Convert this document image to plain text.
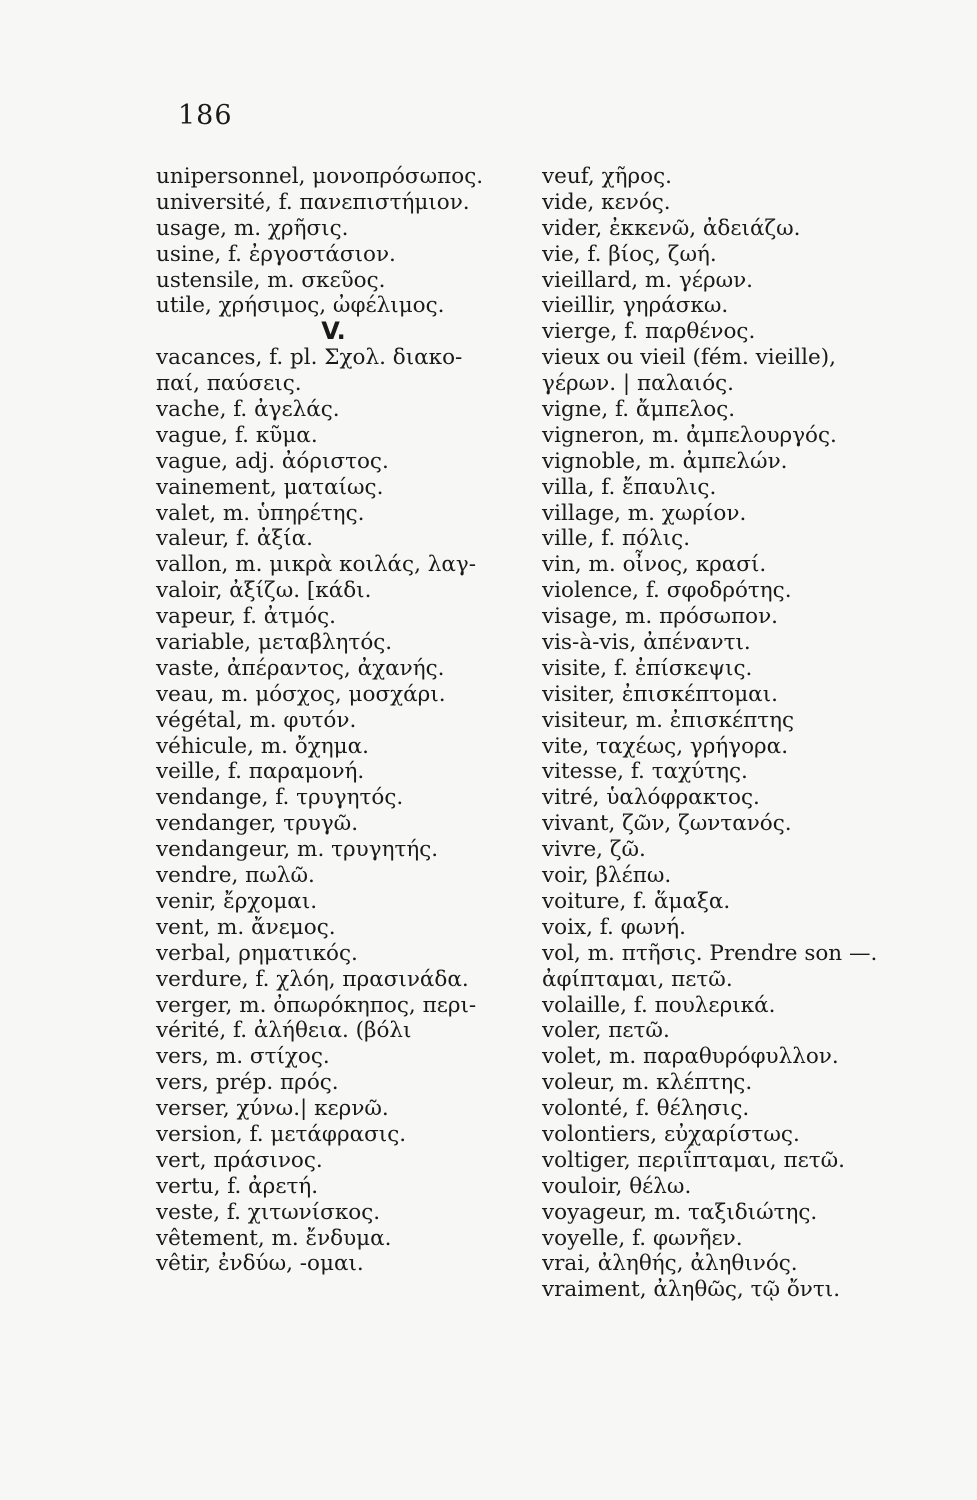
186
unipersonnel, μονοπρόσωπος.
université, f. πανεπιστήμιον.
usage, m. χρῆσις.
usine, f. ἐργοστάσιον.
ustensile, m. σκεῦος.
utile, χρήσιμος, ὠφέλιμος.
V.
vacances, f. pl. Σχολ. διακο-
παί, παύσεις.
vache, f. ἀγελάς.
vague, f. κῦμα.
vague, adj. ἀόριστος.
vainement, ματαίως.
valet, m. ὑπηρέτης.
valeur, f. ἀξία.
vallon, m. μικρὰ κοιλάς, λαγ-
valoir, ἀξίζω. [κάδι.
vapeur, f. ἀτμός.
variable, μεταβλητός.
vaste, ἀπέραντος, ἀχανής.
veau, m. μόσχος, μοσχάρι.
végétal, m. φυτόν.
véhicule, m. ὄχημα.
veille, f. παραμονή.
vendange, f. τρυγητός.
vendanger, τρυγῶ.
vendangeur, m. τρυγητής.
vendre, πωλῶ.
venir, ἔρχομαι.
vent, m. ἄνεμος.
verbal, ρηματικός.
verdure, f. χλόη, πρασινάδα.
verger, m. ὀπωρόκηπος, περι-
vérité, f. ἀλήθεια. (βόλι
vers, m. στίχος.
vers, prép. πρός.
verser, χύνω.| κερνῶ.
version, f. μετάφρασις.
vert, πράσινος.
vertu, f. ἀρετή.
veste, f. χιτωνίσκος.
vêtement, m. ἔνδυμα.
vêtir, ἐνδύω, -ομαι.
veuf, χῆρος.
vide, κενός.
vider, ἐκκενῶ, ἀδειάζω.
vie, f. βίος, ζωή.
vieillard, m. γέρων.
vieillir, γηράσκω.
vierge, f. παρθένος.
vieux ou vieil (fém. vieille),
γέρων. | παλαιός.
vigne, f. ἄμπελος.
vigneron, m. ἀμπελουργός.
vignoble, m. ἀμπελών.
villa, f. ἔπαυλις.
village, m. χωρίον.
ville, f. πόλις.
vin, m. οἶνος, κρασί.
violence, f. σφοδρότης.
visage, m. πρόσωπον.
vis-à-vis, ἀπέναντι.
visite, f. ἐπίσκεψις.
visiter, ἐπισκέπτομαι.
visiteur, m. ἐπισκέπτης
vite, ταχέως, γρήγορα.
vitesse, f. ταχύτης.
vitré, ὑαλόφρακτος.
vivant, ζῶν, ζωντανός.
vivre, ζῶ.
voir, βλέπω.
voiture, f. ἅμαξα.
voix, f. φωνή.
vol, m. πτῆσις. Prendre son —.
ἀφίπταμαι, πετῶ.
volaille, f. πουλερικά.
voler, πετῶ.
volet, m. παραθυρόφυλλον.
voleur, m. κλέπτης.
volonté, f. θέλησις.
volontiers, εὐχαρίστως.
voltiger, περιΐπταμαι, πετῶ.
vouloir, θέλω.
voyageur, m. ταξιδιώτης.
voyelle, f. φωνῆεν.
vrai, ἀληθής, ἀληθινός.
vraiment, ἀληθῶς, τῷ ὄντι.
